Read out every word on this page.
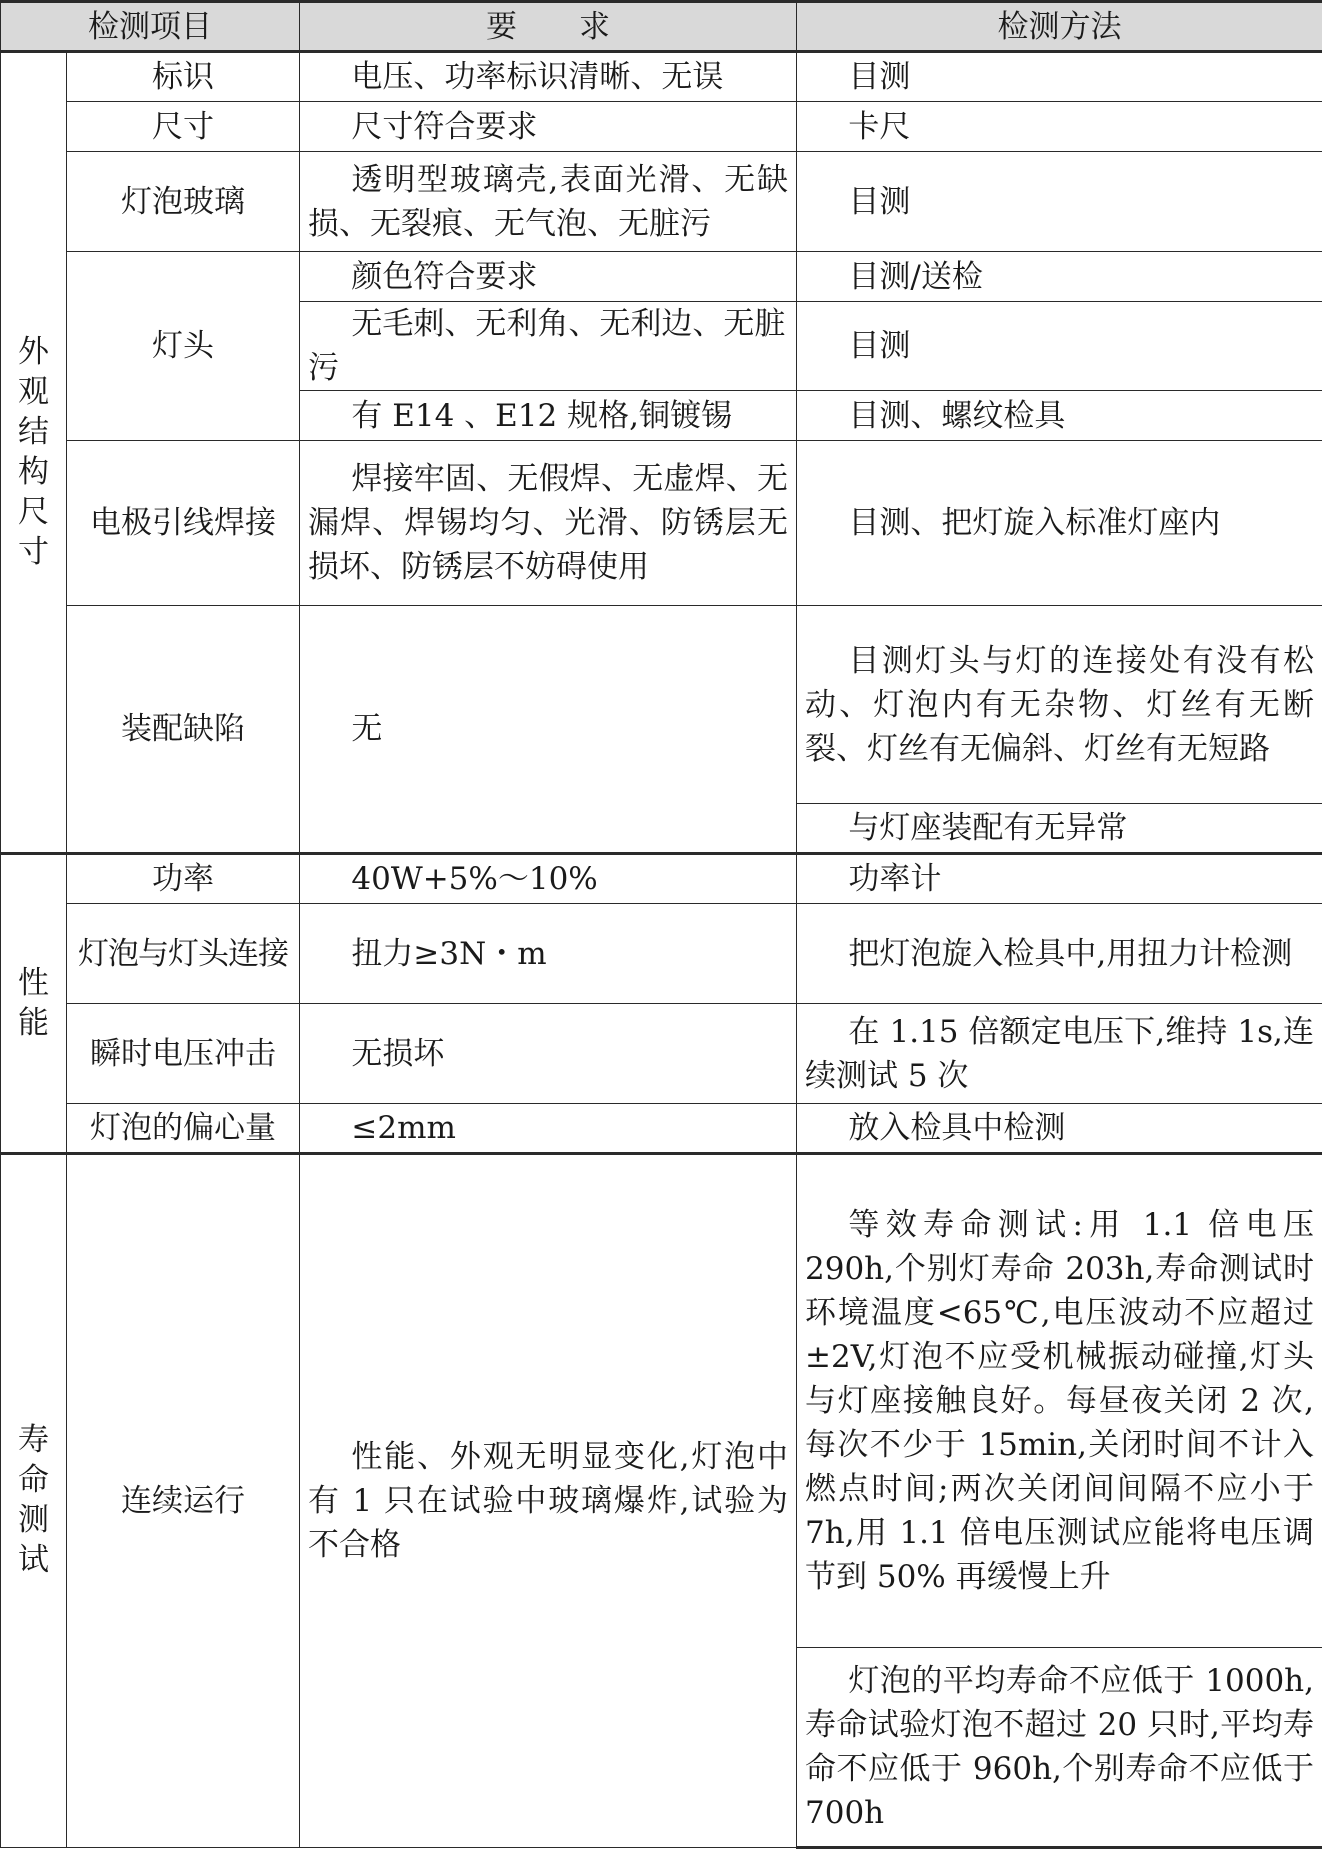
检测项目		要　　求	检测方法
外观结构尺寸	标识	电压、功率标识清晰、无误	目测
	尺寸	尺寸符合要求	卡尺
	灯泡玻璃	透明型玻璃壳,表面光滑、无缺损、无裂痕、无气泡、无脏污	目测
	灯头	颜色符合要求	目测/送检
		无毛刺、无利角、无利边、无脏污	目测
		有 E14 、E12 规格,铜镀锡	目测、螺纹检具
	电极引线焊接	焊接牢固、无假焊、无虚焊、无漏焊、焊锡均匀、光滑、防锈层无损坏、防锈层不妨碍使用	目测、把灯旋入标准灯座内
	装配缺陷	无	目测灯头与灯的连接处有没有松动、灯泡内有无杂物、灯丝有无断裂、灯丝有无偏斜、灯丝有无短路
			与灯座装配有无异常
性能	功率	40W+5%～10%	功率计
	灯泡与灯头连接	扭力≥3N・m	把灯泡旋入检具中,用扭力计检测
	瞬时电压冲击	无损坏	在 1.15 倍额定电压下,维持 1s,连续测试 5 次
	灯泡的偏心量	≤2mm	放入检具中检测
寿命测试	连续运行	性能、外观无明显变化,灯泡中有 1 只在试验中玻璃爆炸,试验为不合格	等效寿命测试:用 1.1 倍电压 290h,个别灯寿命 203h,寿命测试时环境温度<65℃,电压波动不应超过±2V,灯泡不应受机械振动碰撞,灯头与灯座接触良好。每昼夜关闭 2 次,每次不少于 15min,关闭时间不计入燃点时间;两次关闭间间隔不应小于 7h,用 1.1 倍电压测试应能将电压调节到 50% 再缓慢上升
			灯泡的平均寿命不应低于 1000h,寿命试验灯泡不超过 20 只时,平均寿命不应低于 960h,个别寿命不应低于 700h
